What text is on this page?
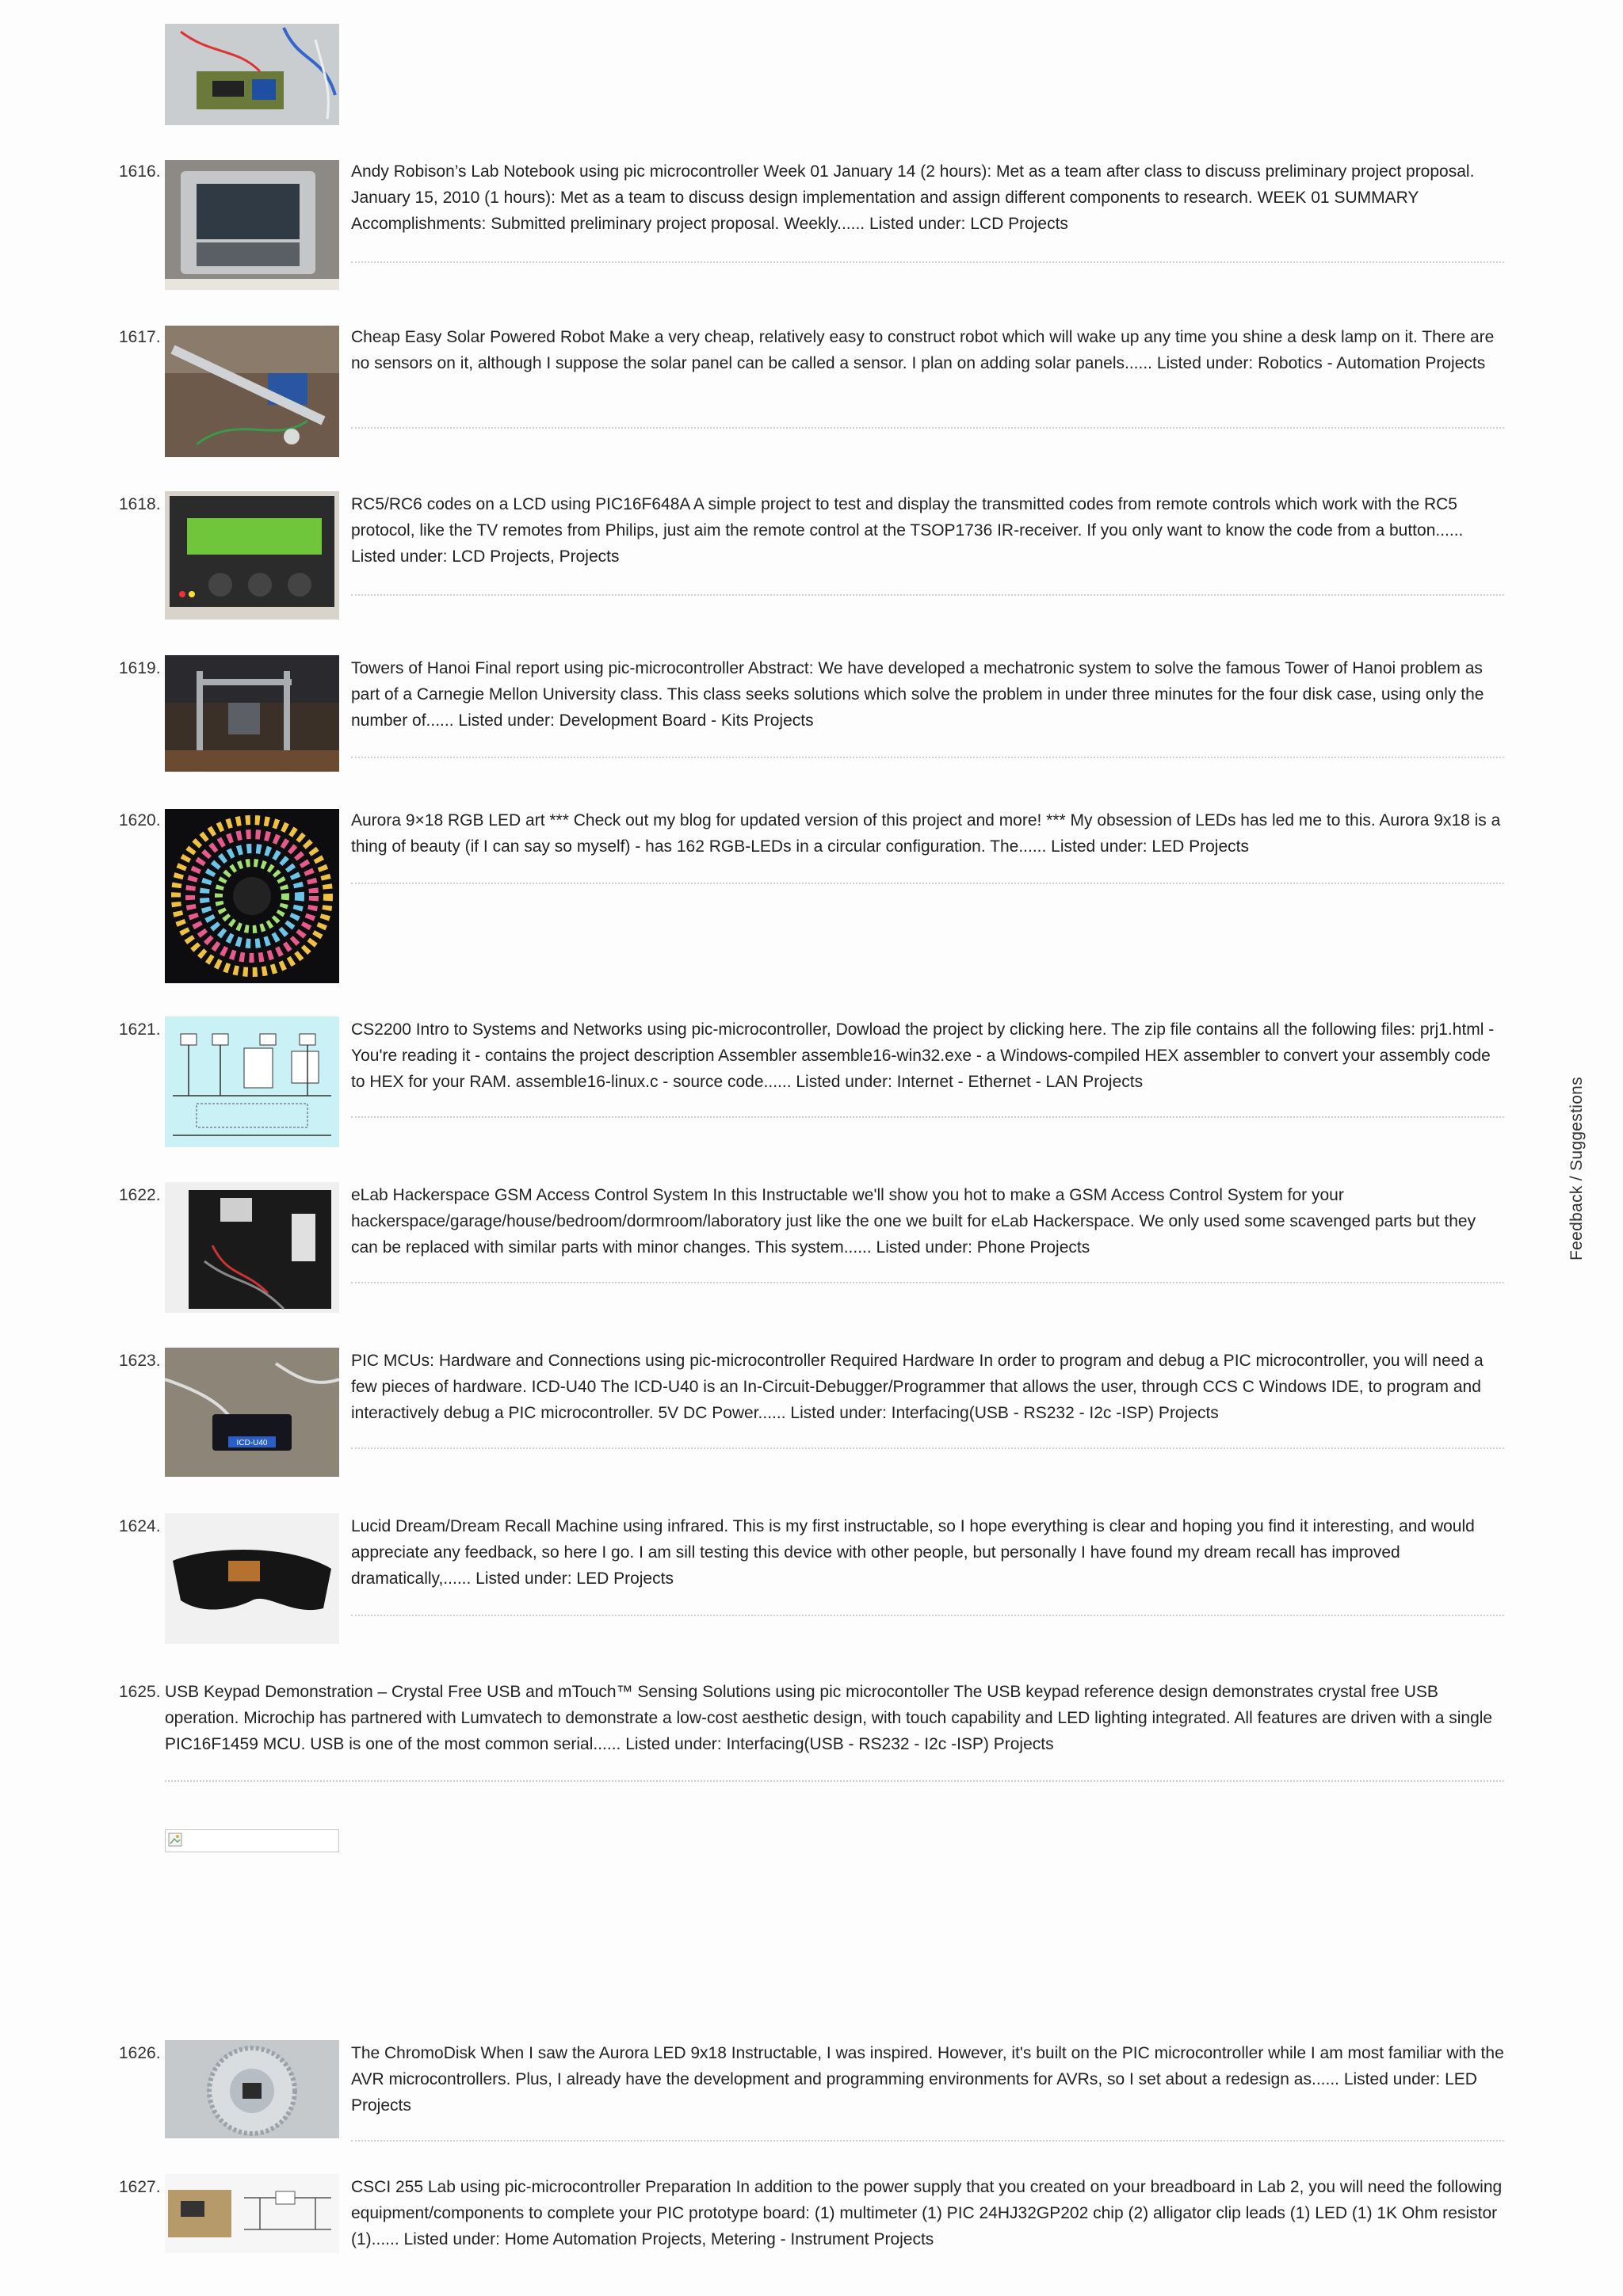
1616.	Andy Robison’s Lab Notebook using pic microcontroller Week 01 January 14 (2 hours): Met as a team after class to discuss preliminary project proposal. January 15, 2010 (1 hours): Met as a team to discuss design implementation and assign different components to research. WEEK 01 SUMMARY Accomplishments: Submitted preliminary project proposal. Weekly...... Listed under: LCD Projects
1617.	Cheap Easy Solar Powered Robot Make a very cheap, relatively easy to construct robot which will wake up any time you shine a desk lamp on it. There are no sensors on it, although I suppose the solar panel can be called a sensor. I plan on adding solar panels...... Listed under: Robotics - Automation Projects
1618.	RC5/RC6 codes on a LCD using PIC16F648A A simple project to test and display the transmitted codes from remote controls which work with the RC5 protocol, like the TV remotes from Philips, just aim the remote control at the TSOP1736 IR-receiver. If you only want to know the code from a button...... Listed under: LCD Projects, Projects
1619.	Towers of Hanoi Final report using pic-microcontroller Abstract: We have developed a mechatronic system to solve the famous Tower of Hanoi problem as part of a Carnegie Mellon University class. This class seeks solutions which solve the problem in under three minutes for the four disk case, using only the number of...... Listed under: Development Board - Kits Projects
1620.	Aurora 9×18 RGB LED art *** Check out my blog for updated version of this project and more! *** My obsession of LEDs has led me to this. Aurora 9x18 is a thing of beauty (if I can say so myself) - has 162 RGB-LEDs in a circular configuration. The...... Listed under: LED Projects
1621.	CS2200 Intro to Systems and Networks using pic-microcontroller, Dowload the project by clicking here. The zip file contains all the following files: prj1.html - You're reading it - contains the project description Assembler assemble16-win32.exe - a Windows-compiled HEX assembler to convert your assembly code to HEX for your RAM. assemble16-linux.c - source code...... Listed under: Internet - Ethernet - LAN Projects
1622.	eLab Hackerspace GSM Access Control System In this Instructable we'll show you hot to make a GSM Access Control System for your hackerspace/garage/house/bedroom/dormroom/laboratory just like the one we built for eLab Hackerspace. We only used some scavenged parts but they can be replaced with similar parts with minor changes. This system...... Listed under: Phone Projects
1623.
ICD-U40
PIC MCUs: Hardware and Connections using pic-microcontroller Required Hardware In order to program and debug a PIC microcontroller, you will need a few pieces of hardware. ICD-U40 The ICD-U40 is an In-Circuit-Debugger/Programmer that allows the user, through CCS C Windows IDE, to program and interactively debug a PIC microcontroller. 5V DC Power...... Listed under: Interfacing(USB - RS232 - I2c -ISP) Projects
1624.	Lucid Dream/Dream Recall Machine using infrared. This is my first instructable, so I hope everything is clear and hoping you find it interesting, and would appreciate any feedback, so here I go. I am sill testing this device with other people, but personally I have found my dream recall has improved dramatically,...... Listed under: LED Projects
1625. USB Keypad Demonstration – Crystal Free USB and mTouch™ Sensing Solutions using pic microcontoller The USB keypad reference design demonstrates crystal free USB operation. Microchip has partnered with Lumvatech to demonstrate a low-cost aesthetic design, with touch capability and LED lighting integrated. All features are driven with a single PIC16F1459 MCU. USB is one of the most common serial...... Listed under: Interfacing(USB - RS232 - I2c -ISP) Projects
1626.	The ChromoDisk When I saw the Aurora LED 9x18 Instructable, I was inspired. However, it's built on the PIC microcontroller while I am most familiar with the AVR microcontrollers. Plus, I already have the development and programming environments for AVRs, so I set about a redesign as...... Listed under: LED Projects
1627.	CSCI 255 Lab using pic-microcontroller Preparation In addition to the power supply that you created on your breadboard in Lab 2, you will need the following equipment/components to complete your PIC prototype board: (1) multimeter (1) PIC 24HJ32GP202 chip (2) alligator clip leads (1) LED (1) 1K Ohm resistor (1)...... Listed under: Home Automation Projects, Metering - Instrument Projects
Feedback / Suggestions
